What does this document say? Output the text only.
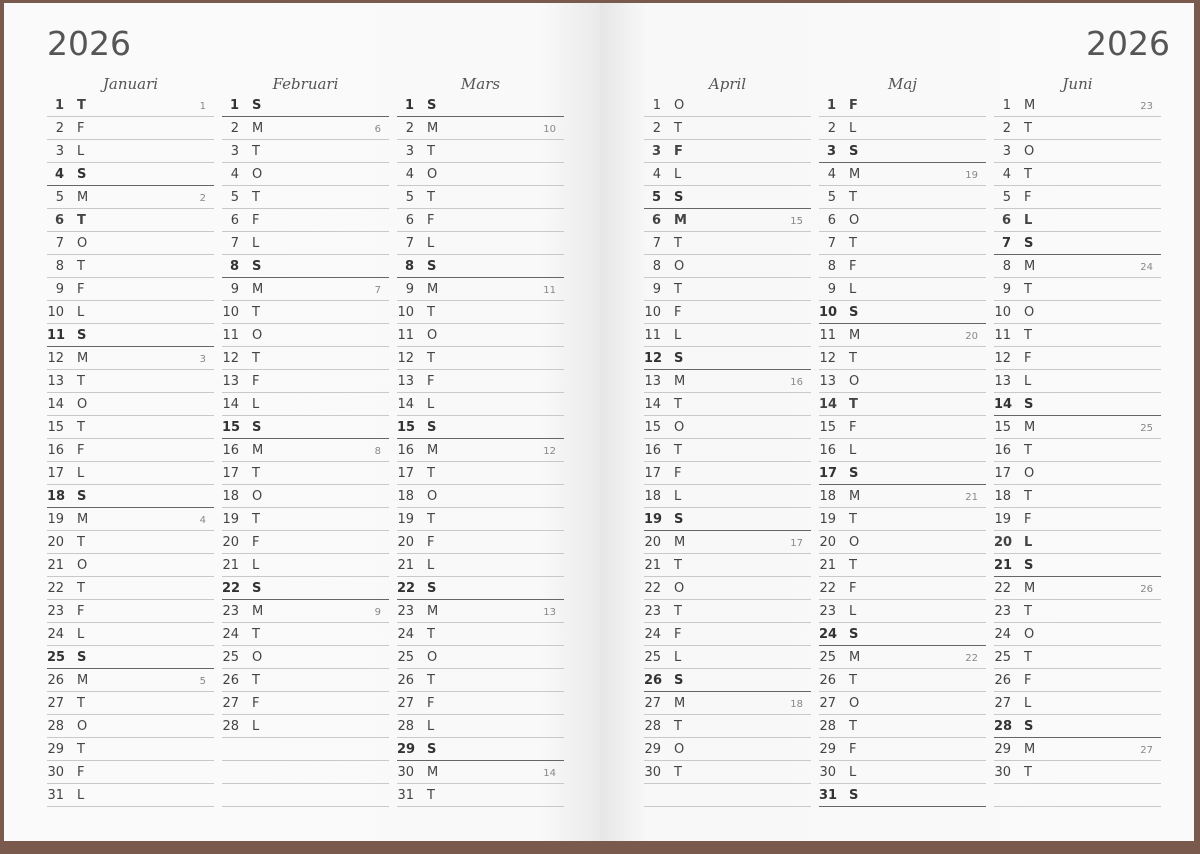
2026	2026
Januari
1 T	1
2 F
3 L
4 S
5 M	2
6 T
7 O
8 T
9 F
10 L
11 S
12 M	3
13 T
14 O
15 T
16 F
17 L
18 S
19 M	4
20 T
21 O
22 T
23 F
24 L
25 S
26 M	5
27 T
28 O
29 T
30 F
31 L
Februari
1 S
2 M	6
3 T
4 O
5 T
6 F
7 L
8 S
9 M	7
10 T
11 O
12 T
13 F
14 L
15 S
16 M	8
17 T
18 O
19 T
20 F
21 L
22 S
23 M	9
24 T
25 O
26 T
27 F
28 L
Mars
1 S
2 M	10
3 T
4 O
5 T
6 F
7 L
8 S
9 M	11
10 T
11 O
12 T
13 F
14 L
15 S
16 M	12
17 T
18 O
19 T
20 F
21 L
22 S
23 M	13
24 T
25 O
26 T
27 F
28 L
29 S
30 M	14
31 T
April
1 O
2 T
3 F
4 L
5 S
6 M	15
7 T
8 O
9 T
10 F
11 L
12 S
13 M	16
14 T
15 O
16 T
17 F
18 L
19 S
20 M	17
21 T
22 O
23 T
24 F
25 L
26 S
27 M	18
28 T
29 O
30 T
Maj
1 F
2 L
3 S
4 M	19
5 T
6 O
7 T
8 F
9 L
10 S
11 M	20
12 T
13 O
14 T
15 F
16 L
17 S
18 M	21
19 T
20 O
21 T
22 F
23 L
24 S
25 M	22
26 T
27 O
28 T
29 F
30 L
31 S
Juni
1 M	23
2 T
3 O
4 T
5 F
6 L
7 S
8 M	24
9 T
10 O
11 T
12 F
13 L
14 S
15 M	25
16 T
17 O
18 T
19 F
20 L
21 S
22 M	26
23 T
24 O
25 T
26 F
27 L
28 S
29 M	27
30 T
